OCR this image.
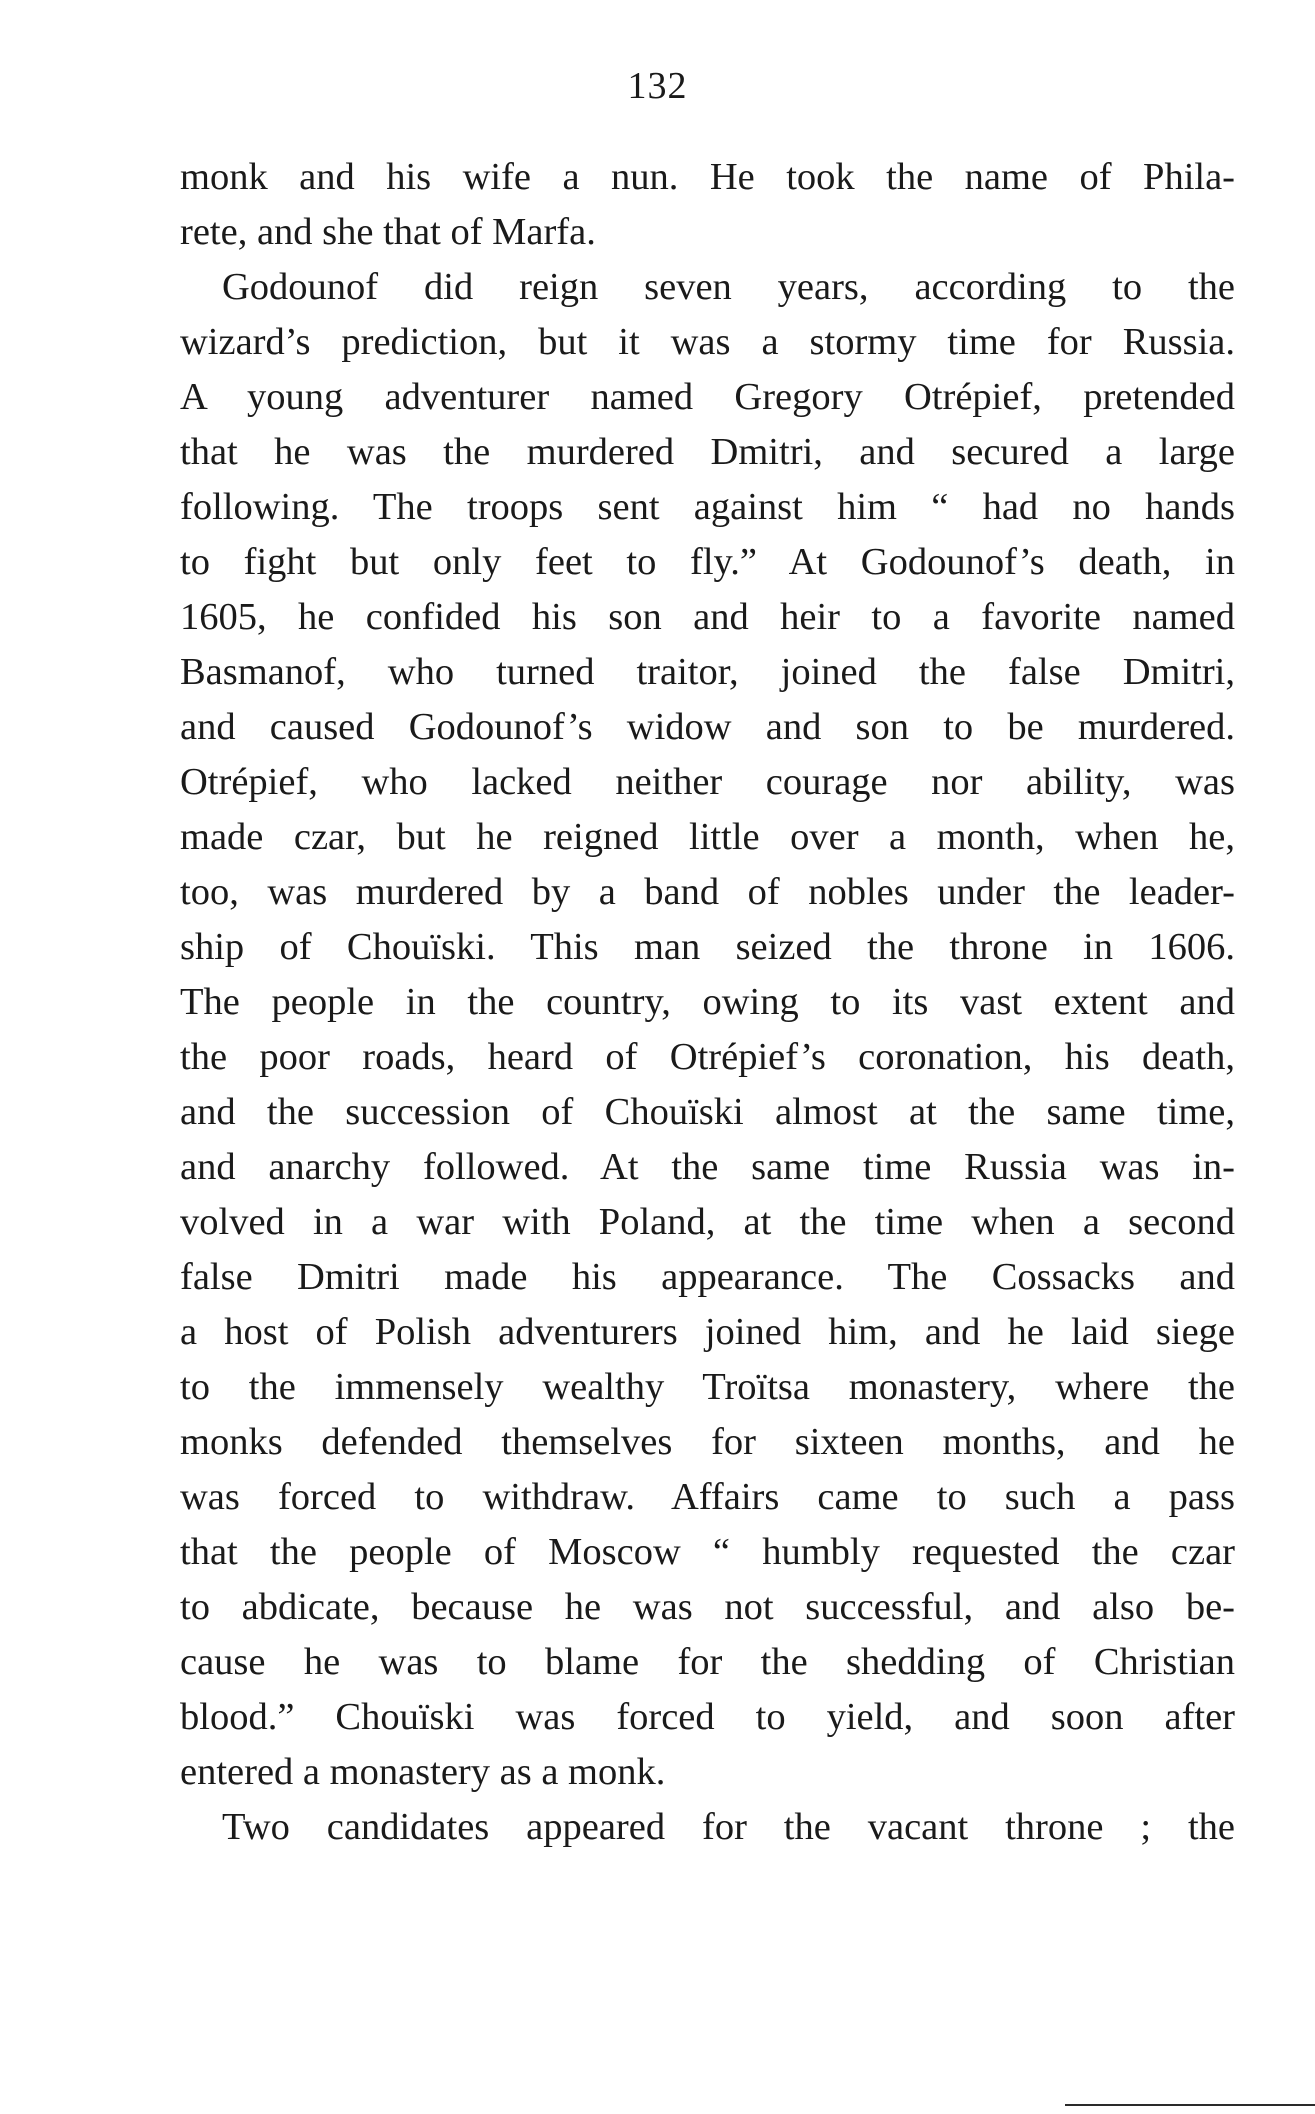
132
monk and his wife a nun. He took the name of Phila-
rete, and she that of Marfa.
Godounof did reign seven years, according to the
wizard’s prediction, but it was a stormy time for Russia.
A young adventurer named Gregory Otrépief, pretended
that he was the murdered Dmitri, and secured a large
following. The troops sent against him “ had no hands
to fight but only feet to fly.” At Godounof’s death, in
1605, he confided his son and heir to a favorite named
Basmanof, who turned traitor, joined the false Dmitri,
and caused Godounof’s widow and son to be murdered.
Otrépief, who lacked neither courage nor ability, was
made czar, but he reigned little over a month, when he,
too, was murdered by a band of nobles under the leader-
ship of Chouïski. This man seized the throne in 1606.
The people in the country, owing to its vast extent and
the poor roads, heard of Otrépief’s coronation, his death,
and the succession of Chouïski almost at the same time,
and anarchy followed. At the same time Russia was in-
volved in a war with Poland, at the time when a second
false Dmitri made his appearance. The Cossacks and
a host of Polish adventurers joined him, and he laid siege
to the immensely wealthy Troïtsa monastery, where the
monks defended themselves for sixteen months, and he
was forced to withdraw. Affairs came to such a pass
that the people of Moscow “ humbly requested the czar
to abdicate, because he was not successful, and also be-
cause he was to blame for the shedding of Christian
blood.” Chouïski was forced to yield, and soon after
entered a monastery as a monk.
Two candidates appeared for the vacant throne ; the
